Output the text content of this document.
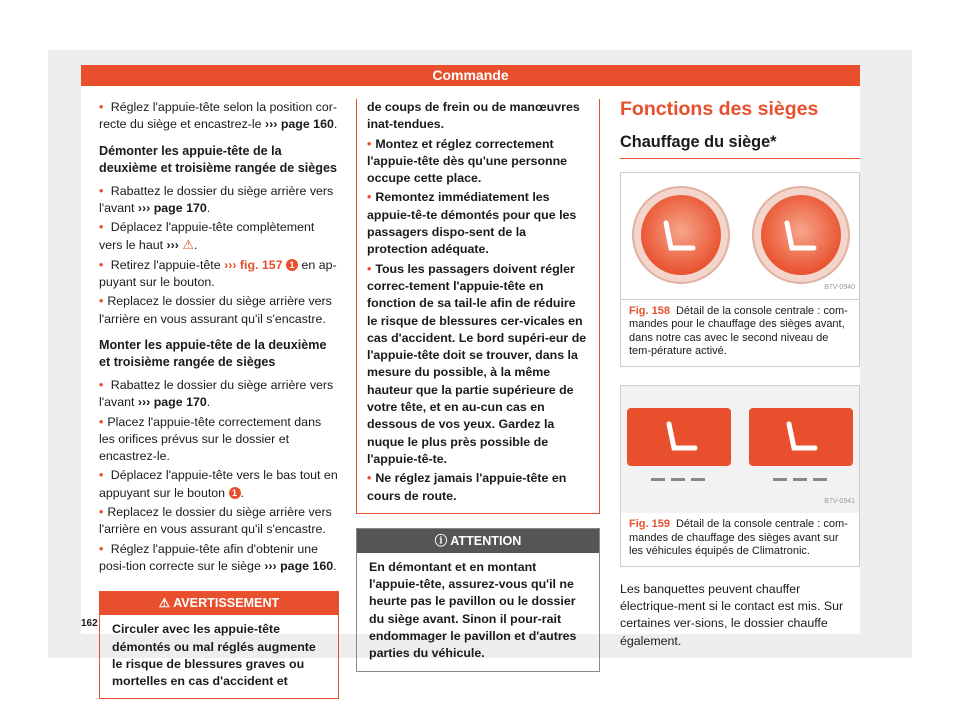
Commande
• Réglez l'appuie-tête selon la position cor-recte du siège et encastrez-le ››› page 160.
Démonter les appuie-tête de la deuxième et troisième rangée de sièges
• Rabattez le dossier du siège arrière vers l'avant ››› page 170.
• Déplacez l'appuie-tête complètement vers le haut ››› ⚠.
• Retirez l'appuie-tête ››› fig. 157 1 en ap-puyant sur le bouton.
• Replacez le dossier du siège arrière vers l'arrière en vous assurant qu'il s'encastre.
Monter les appuie-tête de la deuxième et troisième rangée de sièges
• Rabattez le dossier du siège arrière vers l'avant ››› page 170.
• Placez l'appuie-tête correctement dans les orifices prévus sur le dossier et encastrez-le.
• Déplacez l'appuie-tête vers le bas tout en appuyant sur le bouton 1 .
• Replacez le dossier du siège arrière vers l'arrière en vous assurant qu'il s'encastre.
• Réglez l'appuie-tête afin d'obtenir une posi-tion correcte sur le siège ››› page 160.
⚠ AVERTISSEMENT
Circuler avec les appuie-tête démontés ou mal réglés augmente le risque de blessures graves ou mortelles en cas d'accident et
de coups de frein ou de manœuvres inat-tendues.
• Montez et réglez correctement l'appuie-tête dès qu'une personne occupe cette place.
• Remontez immédiatement les appuie-tê-te démontés pour que les passagers dispo-sent de la protection adéquate.
• Tous les passagers doivent régler correc-tement l'appuie-tête en fonction de sa tail-le afin de réduire le risque de blessures cer-vicales en cas d'accident. Le bord supéri-eur de l'appuie-tête doit se trouver, dans la mesure du possible, à la même hauteur que la partie supérieure de votre tête, et en au-cun cas en dessous de vos yeux. Gardez la nuque le plus près possible de l'appuie-tê-te.
• Ne réglez jamais l'appuie-tête en cours de route.
ⓘ ATTENTION
En démontant et en montant l'appuie-tête, assurez-vous qu'il ne heurte pas le pavillon ou le dossier du siège avant. Sinon il pour-rait endommager le pavillon et d'autres parties du véhicule.
Fonctions des sièges
Chauffage du siège*
B7V-0940
Fig. 158 Détail de la console centrale : com-mandes pour le chauffage des sièges avant, dans notre cas avec le second niveau de tem-pérature activé.
B7V-0941
Fig. 159 Détail de la console centrale : com-mandes de chauffage des sièges avant sur les véhicules équipés de Climatronic.
Les banquettes peuvent chauffer électrique-ment si le contact est mis. Sur certaines ver-sions, le dossier chauffe également.
162
